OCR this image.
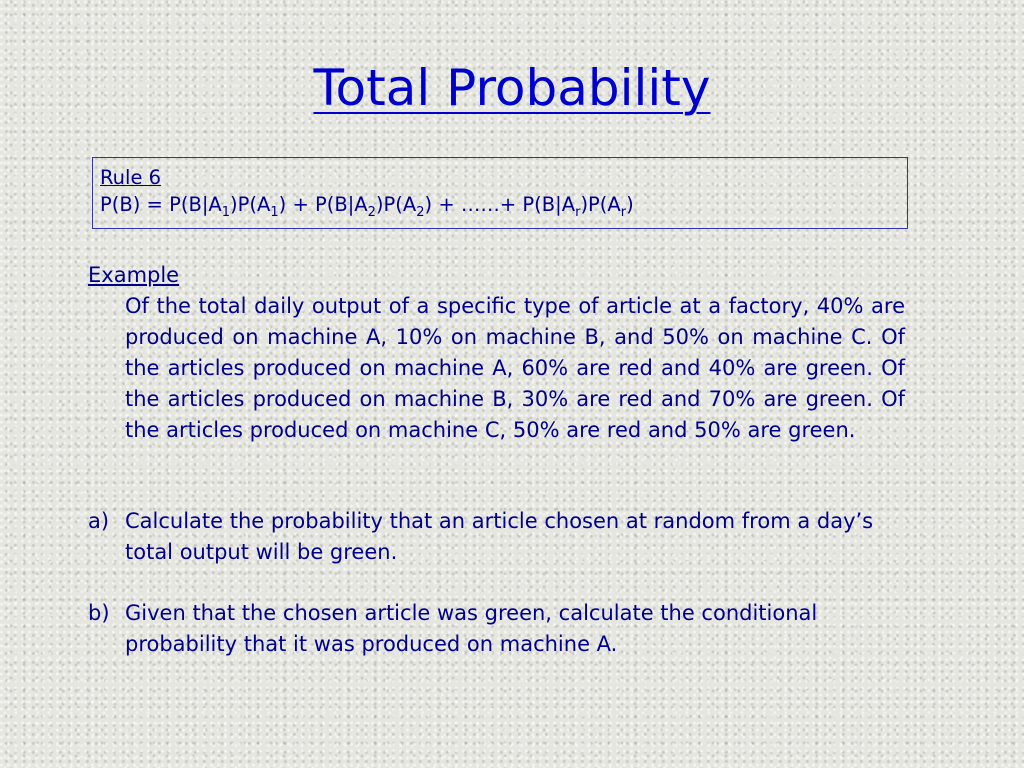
Total Probability
Rule 6
$P(B) = P(B|A_1)P(A_1) + P(B|A_2)P(A_2)$ + ……+ $P(B|A_r)P(A_r)$
Example

Of the total daily output of a specific type of article at a factory, 40% are produced on machine A, 10% on machine B, and 50% on machine C. Of the articles produced on machine A, 60% are red and 40% are green. Of the articles produced on machine B, 30% are red and 70% are green. Of the articles produced on machine C, 50% are red and 50% are green.

a) Calculate the probability that an article chosen at random from a day’s total output will be green.
b) Given that the chosen article was green, calculate the conditional probability that it was produced on machine A.
